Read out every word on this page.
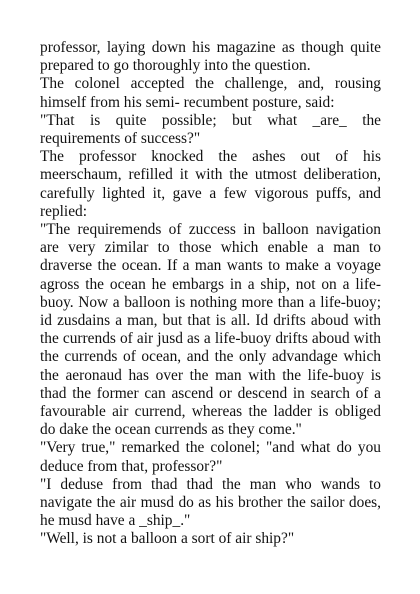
professor, laying down his magazine as though quite prepared to go thoroughly into the question.

The colonel accepted the challenge, and, rousing himself from his semi- recumbent posture, said:

"That is quite possible; but what _are_ the requirements of success?"

The professor knocked the ashes out of his meerschaum, refilled it with the utmost deliberation, carefully lighted it, gave a few vigorous puffs, and replied:

"The requiremends of zuccess in balloon navigation are very zimilar to those which enable a man to draverse the ocean. If a man wants to make a voyage agross the ocean he embargs in a ship, not on a life-buoy. Now a balloon is nothing more than a life-buoy; id zusdains a man, but that is all. Id drifts aboud with the currends of air jusd as a life-buoy drifts aboud with the currends of ocean, and the only advandage which the aeronaud has over the man with the life-buoy is thad the former can ascend or descend in search of a favourable air currend, whereas the ladder is obliged do dake the ocean currends as they come."

"Very true," remarked the colonel; "and what do you deduce from that, professor?"

"I deduse from thad thad the man who wands to navigate the air musd do as his brother the sailor does, he musd have a _ship_."

"Well, is not a balloon a sort of air ship?"
